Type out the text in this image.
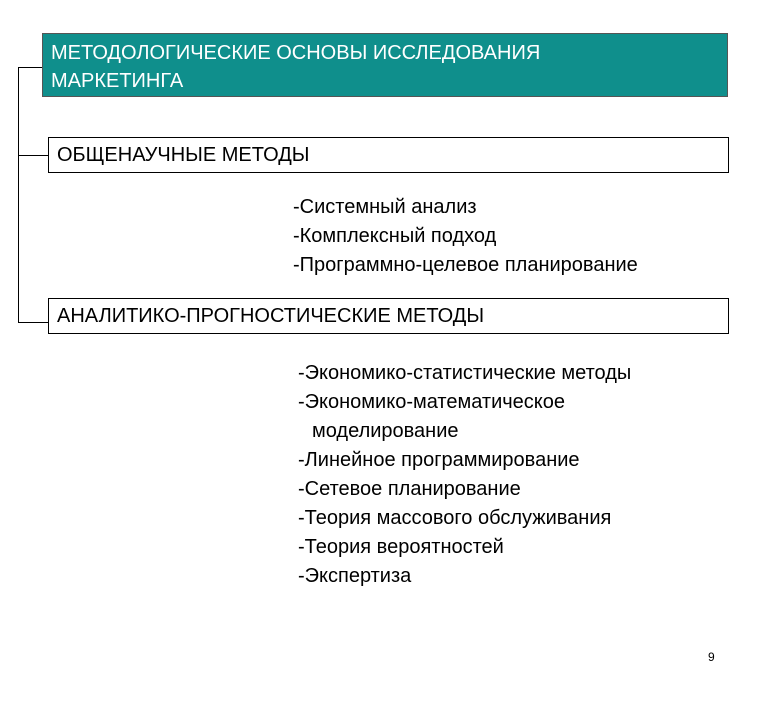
МЕТОДОЛОГИЧЕСКИЕ ОСНОВЫ ИССЛЕДОВАНИЯ
МАРКЕТИНГА
ОБЩЕНАУЧНЫЕ МЕТОДЫ
-Системный анализ
-Комплексный подход
-Программно-целевое планирование
АНАЛИТИКО-ПРОГНОСТИЧЕСКИЕ МЕТОДЫ
-Экономико-статистические методы
-Экономико-математическое
моделирование
-Линейное программирование
-Сетевое планирование
-Теория массового обслуживания
-Теория вероятностей
-Экспертиза
9
